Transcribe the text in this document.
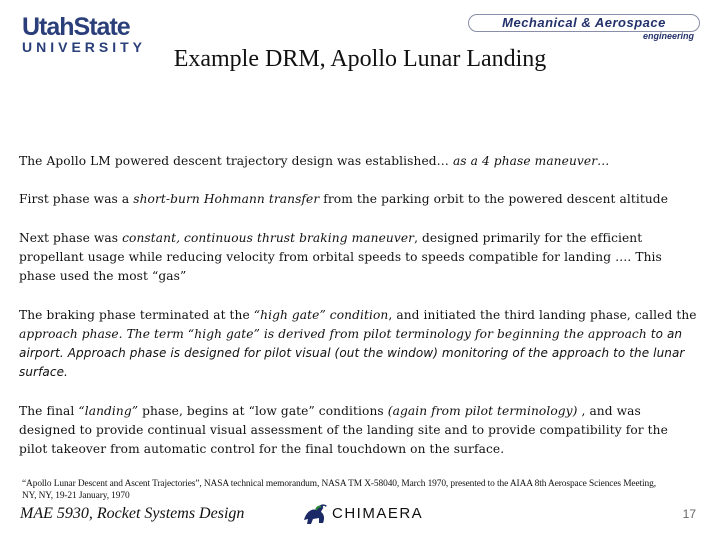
UtahState
UNIVERSITY
Mechanical & Aerospace
engineering
Example DRM, Apollo Lunar Landing
The Apollo LM powered descent trajectory design was established… as a 4 phase maneuver…
First phase was a short-burn Hohmann transfer from the parking orbit to the powered descent altitude
Next phase was constant, continuous thrust braking maneuver, designed primarily for the efficient propellant usage while reducing velocity from orbital speeds to speeds compatible for landing …. This phase used the most “gas”
The braking phase terminated at the “high gate” condition, and initiated the third landing phase, called the approach phase. The term “high gate” is derived from pilot terminology for beginning the approach to an airport. Approach phase is designed for pilot visual (out the window) monitoring of the approach to the lunar surface.
The final “landing” phase, begins at “low gate” conditions (again from pilot terminology) , and was designed to provide continual visual assessment of the landing site and to provide compatibility for the pilot takeover from automatic control for the final touchdown on the surface.
“Apollo Lunar Descent and Ascent Trajectories”, NASA technical memorandum, NASA TM X-58040, March 1970, presented to the AIAA 8th Aerospace Sciences Meeting, NY, NY, 19-21 January, 1970
MAE 5930, Rocket Systems Design	CHIMAERA	17
